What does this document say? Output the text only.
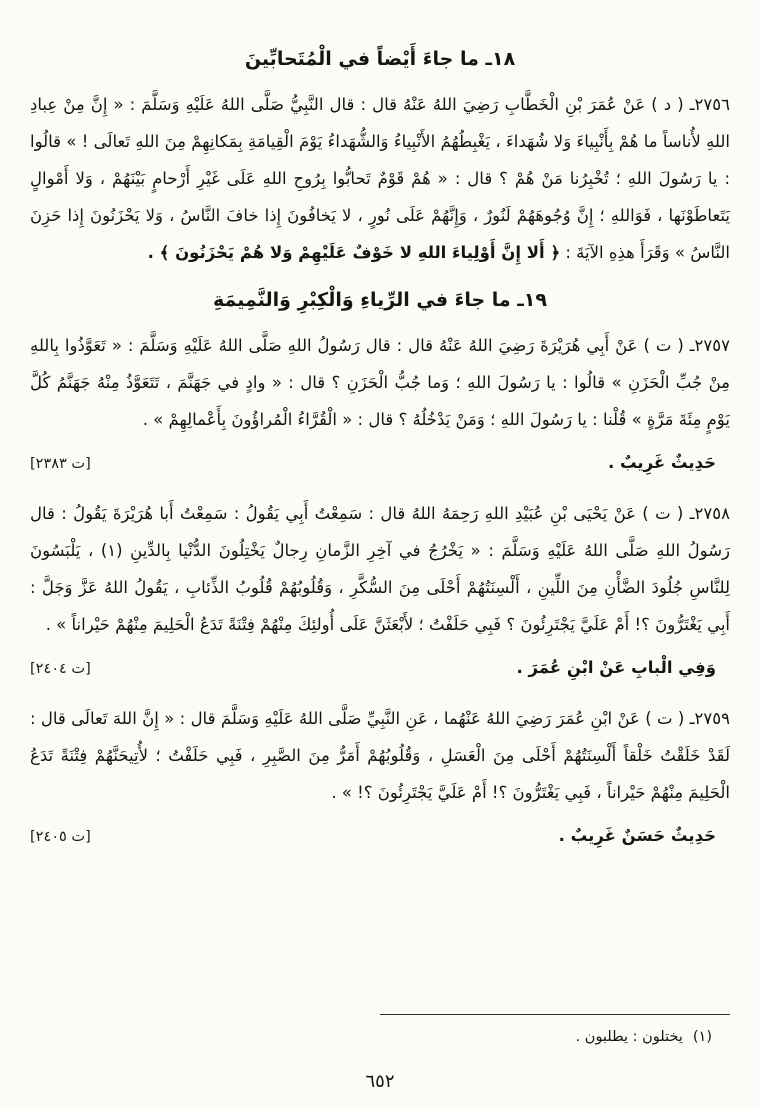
١٨ـ ما جاءَ أَيْضاً في الْمُتَحابِّينَ

٢٧٥٦ـ ( د ) عَنْ عُمَرَ بْنِ الْخَطَّابِ رَضِيَ اللهُ عَنْهُ قال : قال النَّبِيُّ صَلَّى اللهُ عَلَيْهِ وَسَلَّمَ : « إِنَّ مِنْ عِبادِ اللهِ لأُناساً ما هُمْ بِأَنْبِياءَ وَلا شُهَداءَ ، يَغْبِطُهُمُ الأَنْبِياءُ وَالشُّهَداءُ يَوْمَ الْقِيامَةِ بِمَكانِهِمْ مِنَ اللهِ تَعالَى ! » قالُوا : يا رَسُولَ اللهِ ؛ تُخْبِرُنا مَنْ هُمْ ؟ قال : « هُمْ قَوْمٌ تَحابُّوا بِرُوحِ اللهِ عَلَى غَيْرِ أَرْحامٍ بَيْنَهُمْ ، وَلا أَمْوالٍ يَتَعاطَوْنَها ، فَوَاللهِ ؛ إِنَّ وُجُوهَهُمْ لَنُورٌ ، وَإِنَّهُمْ عَلَى نُورٍ ، لا يَخافُونَ إِذا خافَ النَّاسُ ، وَلا يَحْزَنُونَ إِذا حَزِنَ النَّاسُ » وَقَرَأَ هذِهِ الآيَةَ : ﴿ أَلا إِنَّ أَوْلِياءَ اللهِ لا خَوْفٌ عَلَيْهِمْ وَلا هُمْ يَحْزَنُونَ ﴾ .

١٩ـ ما جاءَ في الرِّياءِ وَالْكِبْرِ وَالنَّمِيمَةِ

٢٧٥٧ـ ( ت ) عَنْ أَبِي هُرَيْرَةَ رَضِيَ اللهُ عَنْهُ قال : قال رَسُولُ اللهِ صَلَّى اللهُ عَلَيْهِ وَسَلَّمَ : « تَعَوَّذُوا بِاللهِ مِنْ جُبِّ الْحَزَنِ » قالُوا : يا رَسُولَ اللهِ ؛ وَما جُبُّ الْحَزَنِ ؟ قال : « وادٍ في جَهَنَّمَ ، تَتَعَوَّذُ مِنْهُ جَهَنَّمُ كُلَّ يَوْمٍ مِئَةَ مَرَّةٍ » قُلْنا : يا رَسُولَ اللهِ ؛ وَمَنْ يَدْخُلُهُ ؟ قال : « الْقُرَّاءُ الْمُراؤُونَ بِأَعْمالِهِمْ » .

حَدِيثٌ غَرِيبٌ .
[ت ٢٣٨٣]

٢٧٥٨ـ ( ت ) عَنْ يَحْيَى بْنِ عُبَيْدِ اللهِ رَحِمَهُ اللهُ قال : سَمِعْتُ أَبِي يَقُولُ : سَمِعْتُ أَبا هُرَيْرَةَ يَقُولُ : قال رَسُولُ اللهِ صَلَّى اللهُ عَلَيْهِ وَسَلَّمَ : « يَخْرُجُ في آخِرِ الزَّمانِ رِجالٌ يَخْتِلُونَ الدُّنْيا بِالدِّينِ (١) ، يَلْبَسُونَ لِلنَّاسِ جُلُودَ الضَّأْنِ مِنَ اللِّينِ ، أَلْسِنَتُهُمْ أَحْلَى مِنَ السُّكَّرِ ، وَقُلُوبُهُمْ قُلُوبُ الذِّئابِ ، يَقُولُ اللهُ عَزَّ وَجَلَّ : أَبِي يَغْتَرُّونَ ؟! أَمْ عَلَيَّ يَجْتَرِئُونَ ؟ فَبِي حَلَفْتُ ؛ لأَبْعَثَنَّ عَلَى أُولئِكَ مِنْهُمْ فِتْنَةً تَدَعُ الْحَلِيمَ مِنْهُمْ حَيْراناً » .

وَفِي الْبابِ عَنْ ابْنِ عُمَرَ .
[ت ٢٤٠٤]

٢٧٥٩ـ ( ت ) عَنْ ابْنِ عُمَرَ رَضِيَ اللهُ عَنْهُما ، عَنِ النَّبِيِّ صَلَّى اللهُ عَلَيْهِ وَسَلَّمَ قال : « إِنَّ اللهَ تَعالَى قال : لَقَدْ خَلَقْتُ خَلْقاً أَلْسِنَتُهُمْ أَحْلَى مِنَ الْعَسَلِ ، وَقُلُوبُهُمْ أَمَرُّ مِنَ الصَّبِرِ ، فَبِي حَلَفْتُ ؛ لأُتِيحَنَّهُمْ فِتْنَةً تَدَعُ الْحَلِيمَ مِنْهُمْ حَيْراناً ، فَبِي يَغْتَرُّونَ ؟! أَمْ عَلَيَّ يَجْتَرِئُونَ ؟! » .

حَدِيثٌ حَسَنٌ غَرِيبٌ .
[ت ٢٤٠٥]
(١)
يختلون : يطلبون .
٦٥٢
